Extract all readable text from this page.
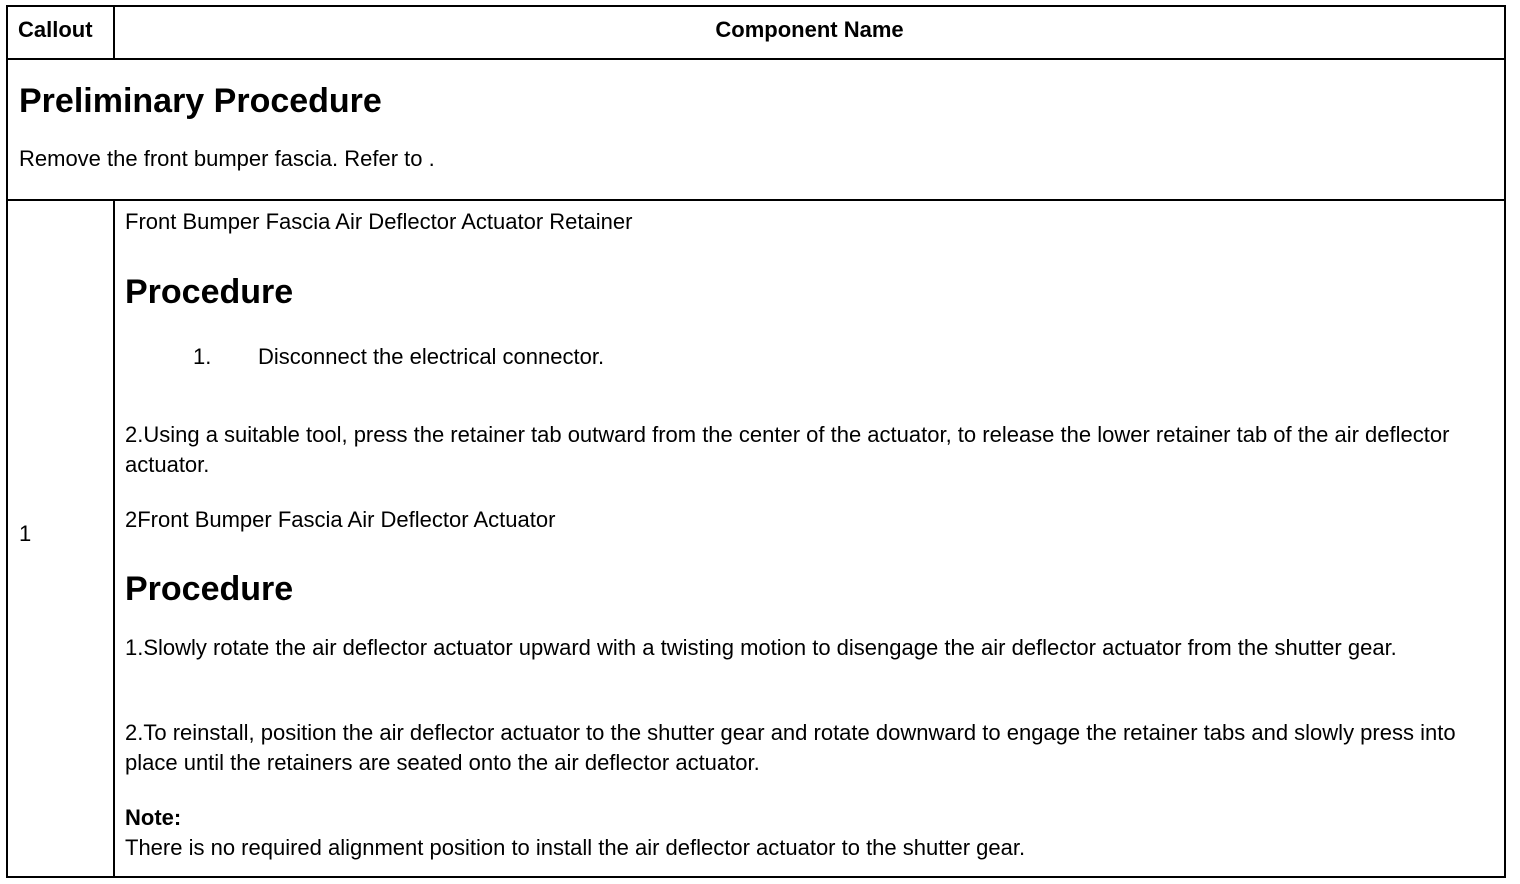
Callout	Component Name
Preliminary Procedure
Remove the front bumper fascia. Refer to .
1
Front Bumper Fascia Air Deflector Actuator Retainer
Procedure
1. Disconnect the electrical connector.
2.Using a suitable tool, press the retainer tab outward from the center of the actuator, to release the lower retainer tab of the air deflector actuator.
2Front Bumper Fascia Air Deflector Actuator
Procedure
1.Slowly rotate the air deflector actuator upward with a twisting motion to disengage the air deflector actuator from the shutter gear.
2.To reinstall, position the air deflector actuator to the shutter gear and rotate downward to engage the retainer tabs and slowly press into place until the retainers are seated onto the air deflector actuator.
Note:
There is no required alignment position to install the air deflector actuator to the shutter gear.
